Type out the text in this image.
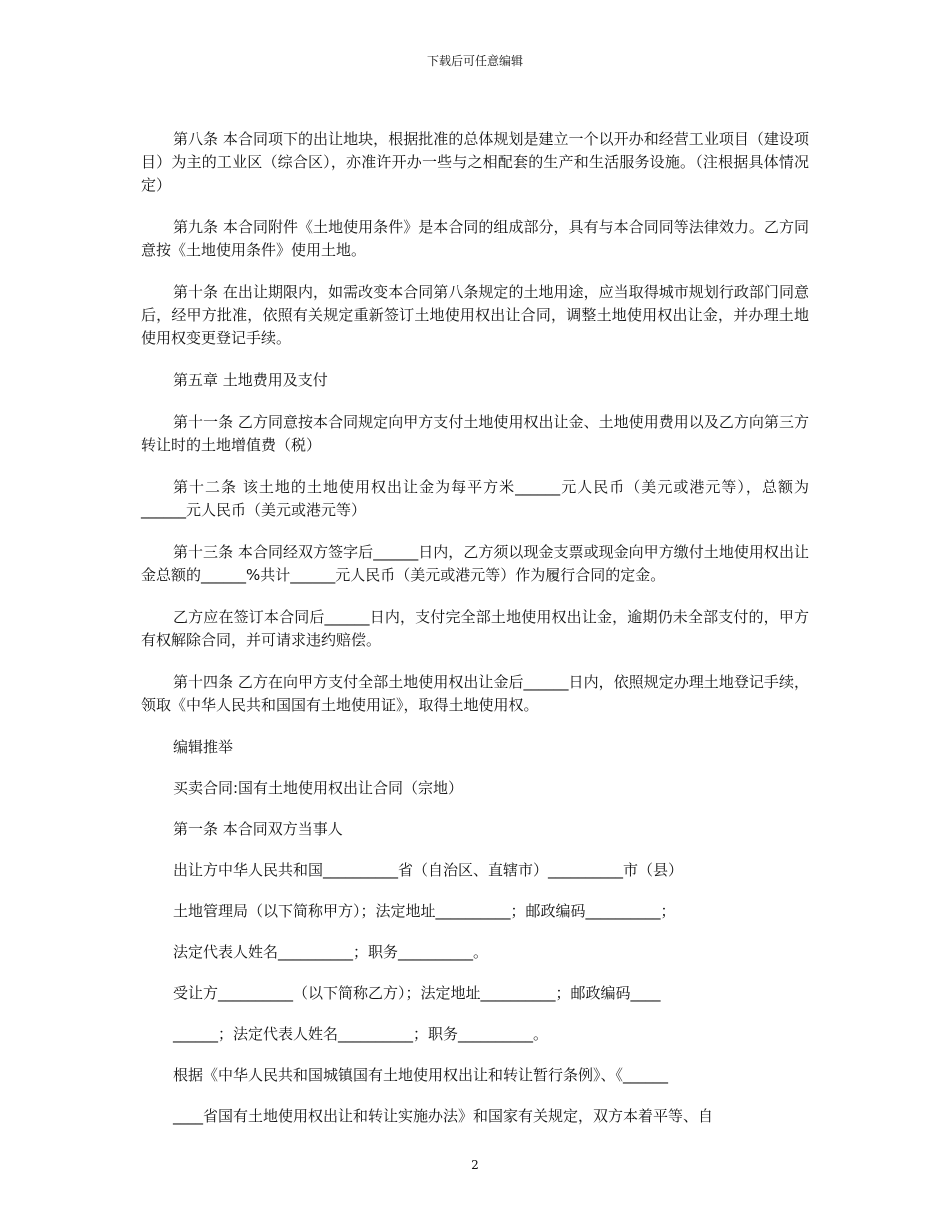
下载后可任意编辑

第八条 本合同项下的出让地块，根据批准的总体规划是建立一个以开办和经营工业项目（建设项目）为主的工业区（综合区），亦准许开办一些与之相配套的生产和生活服务设施。（注根据具体情况定）

第九条 本合同附件《土地使用条件》是本合同的组成部分，具有与本合同同等法律效力。乙方同意按《土地使用条件》使用土地。

第十条 在出让期限内，如需改变本合同第八条规定的土地用途，应当取得城市规划行政部门同意后，经甲方批准，依照有关规定重新签订土地使用权出让合同，调整土地使用权出让金，并办理土地使用权变更登记手续。

第五章 土地费用及支付

第十一条 乙方同意按本合同规定向甲方支付土地使用权出让金、土地使用费用以及乙方向第三方转让时的土地增值费（税）

第十二条 该土地的土地使用权出让金为每平方米______元人民币（美元或港元等），总额为______元人民币（美元或港元等）

第十三条 本合同经双方签字后______日内，乙方须以现金支票或现金向甲方缴付土地使用权出让金总额的______%共计______元人民币（美元或港元等）作为履行合同的定金。

乙方应在签订本合同后______日内，支付完全部土地使用权出让金，逾期仍未全部支付的，甲方有权解除合同，并可请求违约赔偿。

第十四条 乙方在向甲方支付全部土地使用权出让金后______日内，依照规定办理土地登记手续，领取《中华人民共和国国有土地使用证》，取得土地使用权。

编辑推举

买卖合同:国有土地使用权出让合同（宗地）

第一条 本合同双方当事人

出让方中华人民共和国__________省（自治区、直辖市）__________市（县）

土地管理局（以下简称甲方）；法定地址__________；邮政编码__________；

法定代表人姓名__________；职务__________。

受让方__________（以下简称乙方）；法定地址__________；邮政编码____

______；法定代表人姓名__________；职务__________。

根据《中华人民共和国城镇国有土地使用权出让和转让暂行条例》、《______

____省国有土地使用权出让和转让实施办法》和国家有关规定，双方本着平等、自

2
